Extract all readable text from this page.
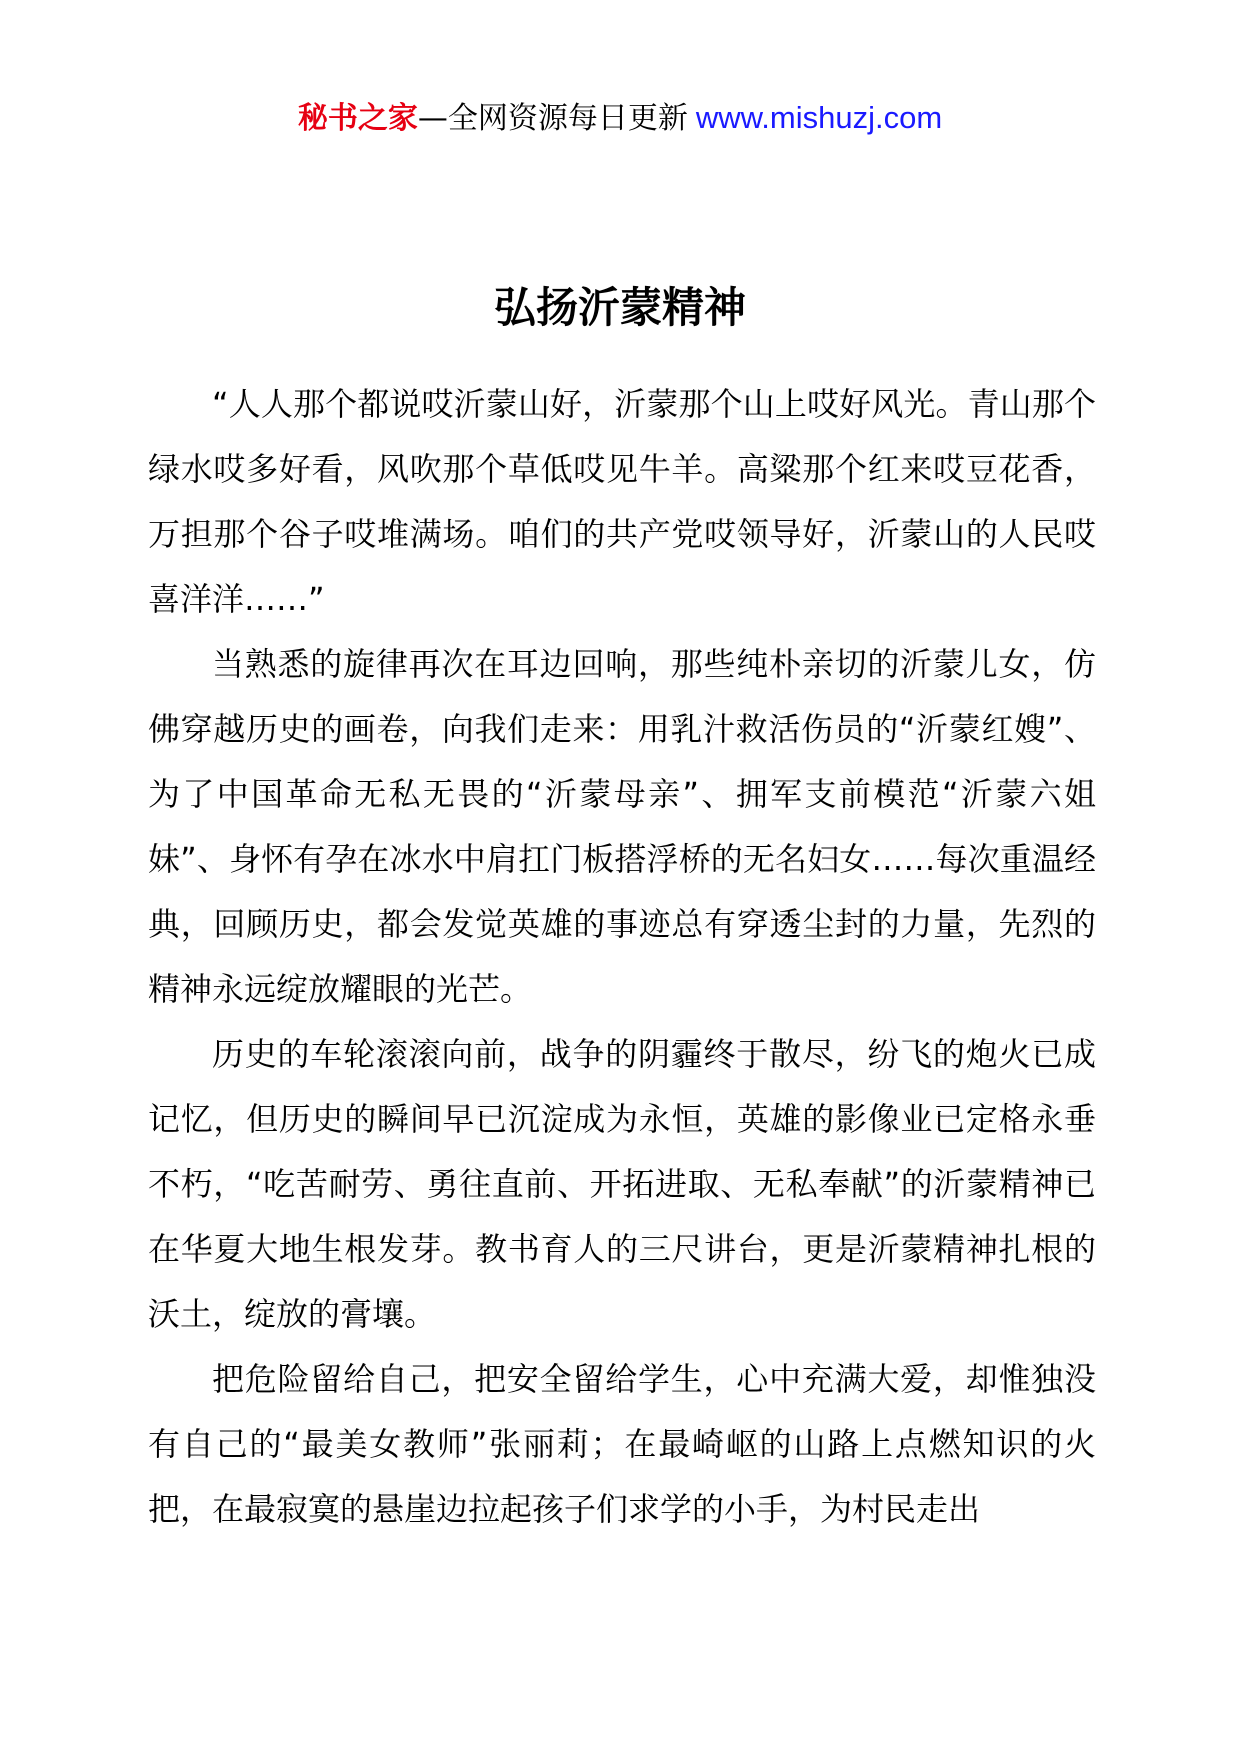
秘书之家—全网资源每日更新 www.mishuzj.com
弘扬沂蒙精神

“人人那个都说哎沂蒙山好，沂蒙那个山上哎好风光。青山那个绿水哎多好看，风吹那个草低哎见牛羊。高粱那个红来哎豆花香，万担那个谷子哎堆满场。咱们的共产党哎领导好，沂蒙山的人民哎喜洋洋……”

当熟悉的旋律再次在耳边回响，那些纯朴亲切的沂蒙儿女，仿佛穿越历史的画卷，向我们走来：用乳汁救活伤员的“沂蒙红嫂”、为了中国革命无私无畏的“沂蒙母亲”、拥军支前模范“沂蒙六姐妹”、身怀有孕在冰水中肩扛门板搭浮桥的无名妇女……每次重温经典，回顾历史，都会发觉英雄的事迹总有穿透尘封的力量，先烈的精神永远绽放耀眼的光芒。

历史的车轮滚滚向前，战争的阴霾终于散尽，纷飞的炮火已成记忆，但历史的瞬间早已沉淀成为永恒，英雄的影像业已定格永垂不朽，“吃苦耐劳、勇往直前、开拓进取、无私奉献”的沂蒙精神已在华夏大地生根发芽。教书育人的三尺讲台，更是沂蒙精神扎根的沃土，绽放的膏壤。

把危险留给自己，把安全留给学生，心中充满大爱，却惟独没有自己的“最美女教师”张丽莉；在最崎岖的山路上点燃知识的火把，在最寂寞的悬崖边拉起孩子们求学的小手，为村民走出
